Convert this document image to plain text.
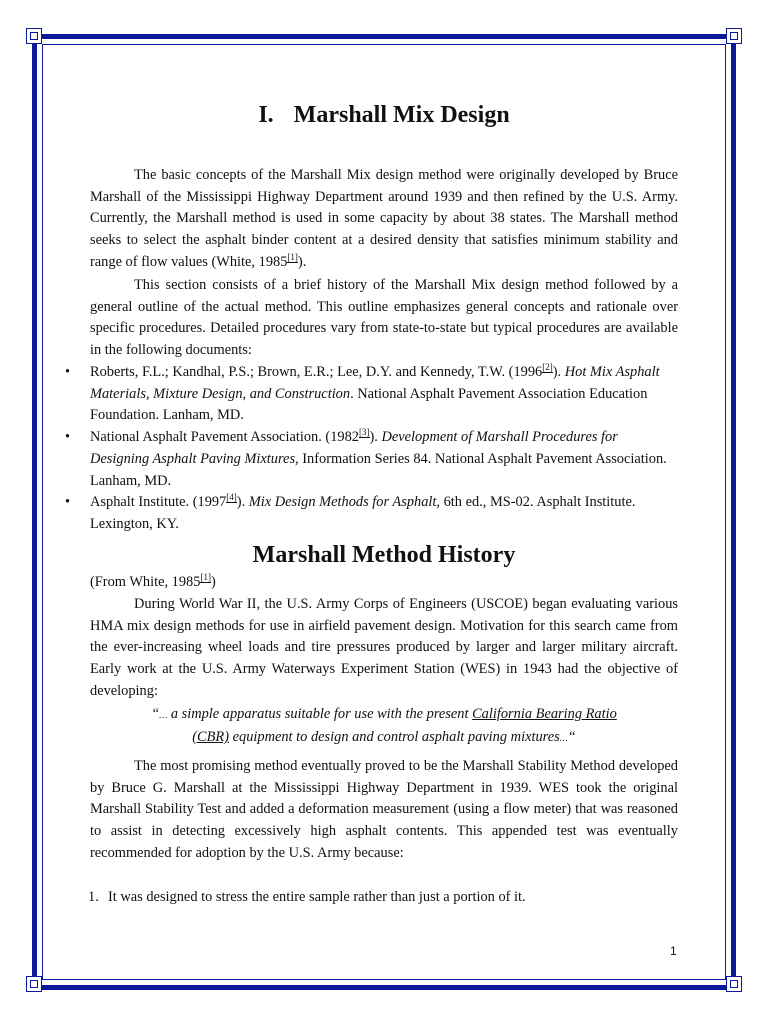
I. Marshall Mix Design
The basic concepts of the Marshall Mix design method were originally developed by Bruce Marshall of the Mississippi Highway Department around 1939 and then refined by the U.S. Army. Currently, the Marshall method is used in some capacity by about 38 states. The Marshall method seeks to select the asphalt binder content at a desired density that satisfies minimum stability and range of flow values (White, 1985[1]).
This section consists of a brief history of the Marshall Mix design method followed by a general outline of the actual method. This outline emphasizes general concepts and rationale over specific procedures. Detailed procedures vary from state-to-state but typical procedures are available in the following documents:
• Roberts, F.L.; Kandhal, P.S.; Brown, E.R.; Lee, D.Y. and Kennedy, T.W. (1996[2]). Hot Mix Asphalt Materials, Mixture Design, and Construction. National Asphalt Pavement Association Education Foundation. Lanham, MD.
• National Asphalt Pavement Association. (1982[3]). Development of Marshall Procedures for Designing Asphalt Paving Mixtures, Information Series 84. National Asphalt Pavement Association. Lanham, MD.
• Asphalt Institute. (1997[4]). Mix Design Methods for Asphalt, 6th ed., MS-02. Asphalt Institute. Lexington, KY.
Marshall Method History
(From White, 1985[1])
During World War II, the U.S. Army Corps of Engineers (USCOE) began evaluating various HMA mix design methods for use in airfield pavement design. Motivation for this search came from the ever-increasing wheel loads and tire pressures produced by larger and larger military aircraft. Early work at the U.S. Army Waterways Experiment Station (WES) in 1943 had the objective of developing:
“… a simple apparatus suitable for use with the present California Bearing Ratio
(CBR) equipment to design and control asphalt paving mixtures…“
The most promising method eventually proved to be the Marshall Stability Method developed by Bruce G. Marshall at the Mississippi Highway Department in 1939. WES took the original Marshall Stability Test and added a deformation measurement (using a flow meter) that was reasoned to assist in detecting excessively high asphalt contents. This appended test was eventually recommended for adoption by the U.S. Army because:
1. It was designed to stress the entire sample rather than just a portion of it.
1
